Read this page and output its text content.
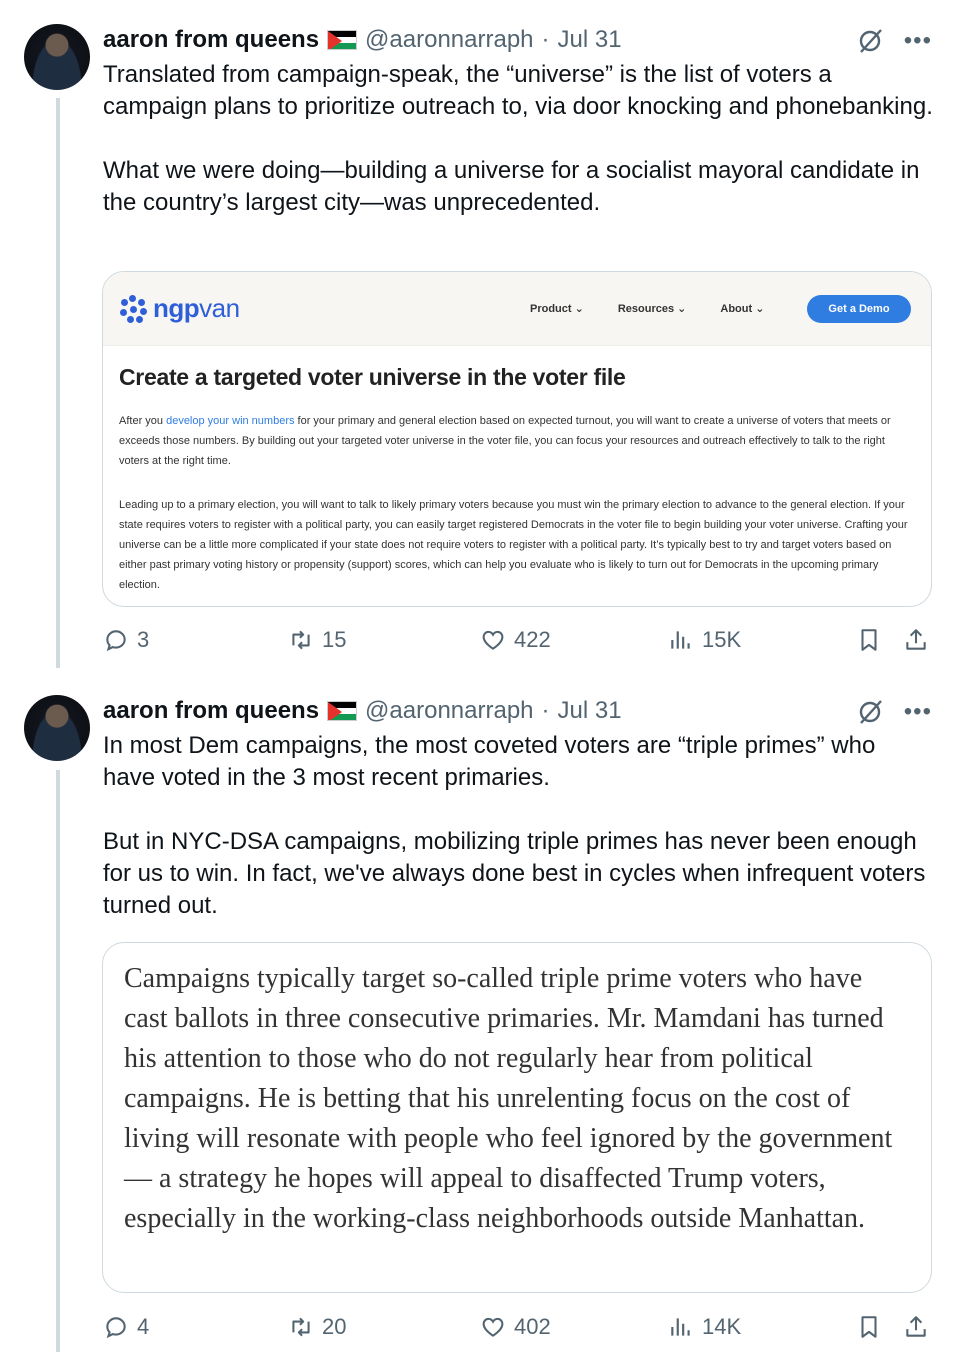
aaron from queens @aaronnarraph · Jul 31	•••

Translated from campaign-speak, the “universe” is the list of voters a campaign plans to prioritize outreach to, via door knocking and phonebanking.

What we were doing—building a universe for a socialist mayoral candidate in the country’s largest city—was unprecedented.

ngpvan	Product ⌄	Resources ⌄	About ⌄	Get a Demo
Create a targeted voter universe in the voter file
After you develop your win numbers for your primary and general election based on expected turnout, you will want to create a universe of voters that meets or exceeds those numbers. By building out your targeted voter universe in the voter file, you can focus your resources and outreach effectively to talk to the right voters at the right time.
Leading up to a primary election, you will want to talk to likely primary voters because you must win the primary election to advance to the general election. If your state requires voters to register with a political party, you can easily target registered Democrats in the voter file to begin building your voter universe. Crafting your universe can be a little more complicated if your state does not require voters to register with a political party. It’s typically best to try and target voters based on either past primary voting history or propensity (support) scores, which can help you evaluate who is likely to turn out for Democrats in the upcoming primary election.
3	15	422	15K
aaron from queens @aaronnarraph · Jul 31	•••

In most Dem campaigns, the most coveted voters are “triple primes” who have voted in the 3 most recent primaries.

But in NYC-DSA campaigns, mobilizing triple primes has never been enough for us to win. In fact, we've always done best in cycles when infrequent voters turned out.

Campaigns typically target so-called triple prime voters who have cast ballots in three consecutive primaries. Mr. Mamdani has turned his attention to those who do not regularly hear from political campaigns. He is betting that his unrelenting focus on the cost of living will resonate with people who feel ignored by the government — a strategy he hopes will appeal to disaffected Trump voters, especially in the working-class neighborhoods outside Manhattan.
4	20	402	14K
